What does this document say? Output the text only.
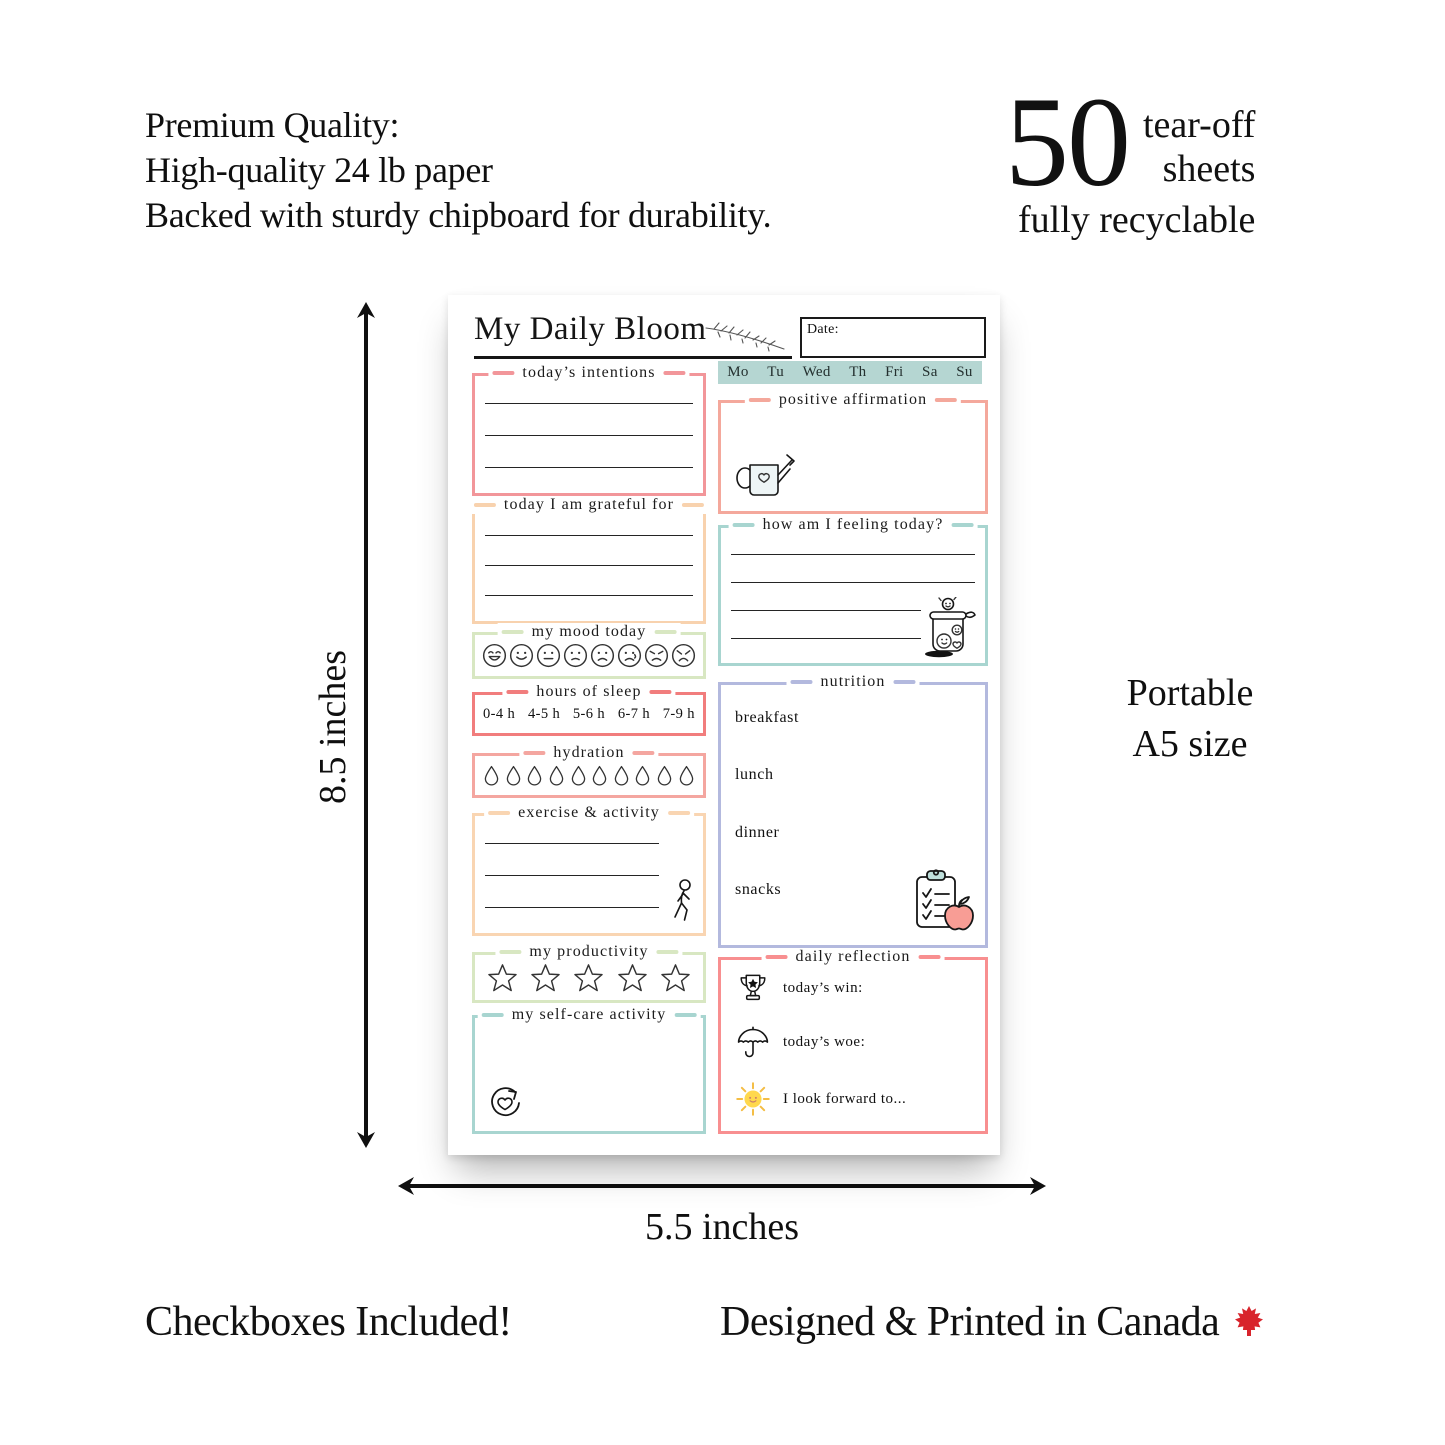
Premium Quality:
High-quality 24 lb paper
Backed with sturdy chipboard for durability.
50 tear-off
sheets
fully recyclable
8.5 inches
5.5 inches
Portable
A5 size
Checkboxes Included!	Designed & Printed in Canada
My Daily Bloom	Date:
Mo Tu Wed Th Fri Sa Su
today’s intentions
today I am grateful for
my mood today
hours of sleep
0-4 h 4-5 h 5-6 h 6-7 h 7-9 h
hydration
exercise & activity
my productivity
my self-care activity
positive affirmation
how am I feeling today?
nutrition
breakfast
lunch
dinner
snacks
daily reflection
today’s win:
today’s woe:
I look forward to...
